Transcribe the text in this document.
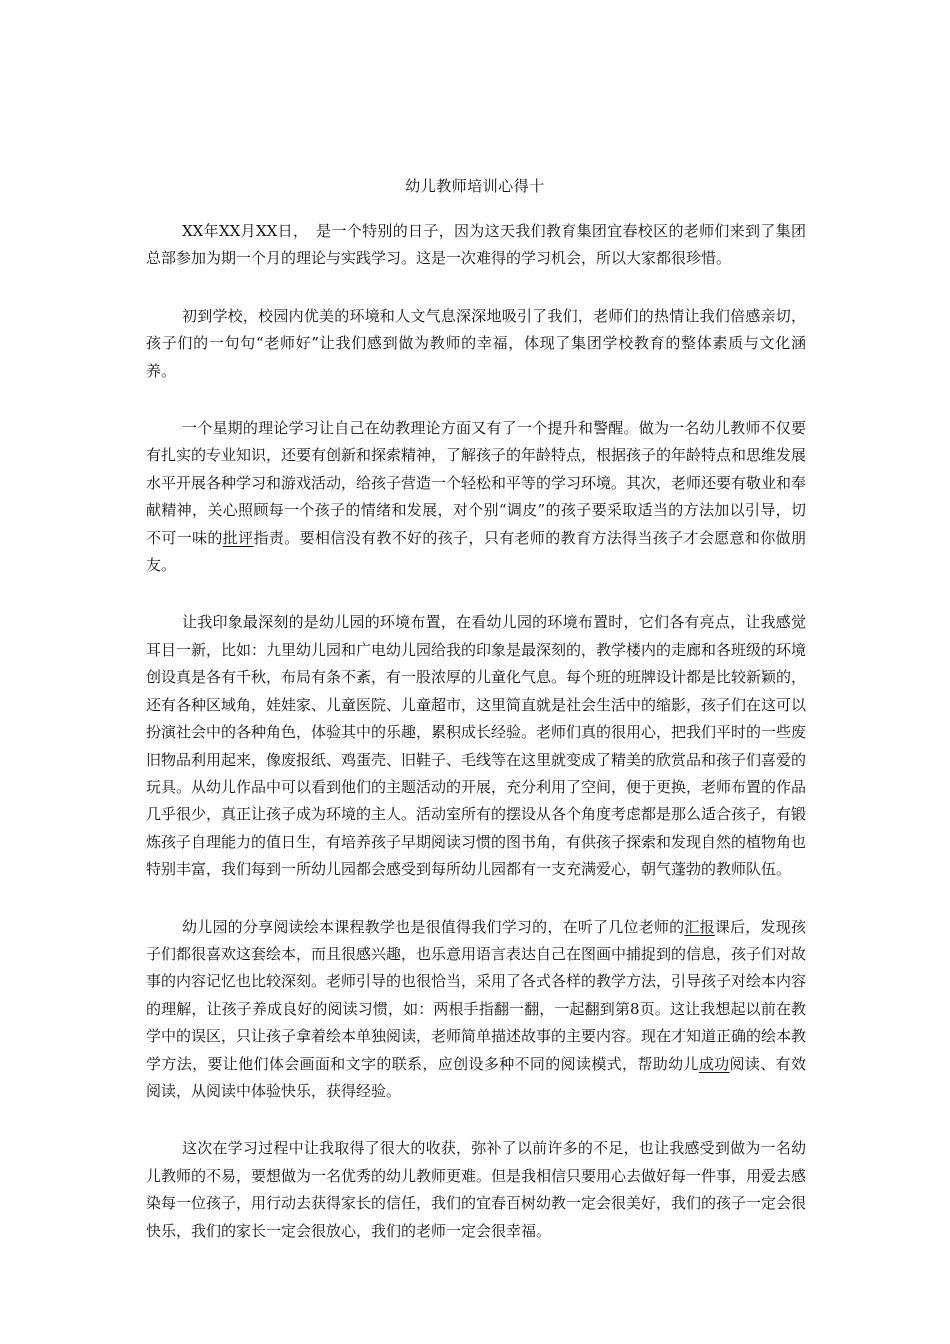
幼儿教师培训心得十

XX年XX月XX日，　是一个特别的日子，因为这天我们教育集团宜春校区的老师们来到了集团总部参加为期一个月的理论与实践学习。这是一次难得的学习机会，所以大家都很珍惜。

初到学校，校园内优美的环境和人文气息深深地吸引了我们，老师们的热情让我们倍感亲切，孩子们的一句句“老师好”让我们感到做为教师的幸福，体现了集团学校教育的整体素质与文化涵养。

一个星期的理论学习让自己在幼教理论方面又有了一个提升和警醒。做为一名幼儿教师不仅要有扎实的专业知识，还要有创新和探索精神，了解孩子的年龄特点，根据孩子的年龄特点和思维发展水平开展各种学习和游戏活动，给孩子营造一个轻松和平等的学习环境。其次，老师还要有敬业和奉献精神，关心照顾每一个孩子的情绪和发展，对个别“调皮”的孩子要采取适当的方法加以引导，切不可一味的批评指责。要相信没有教不好的孩子，只有老师的教育方法得当孩子才会愿意和你做朋友。

让我印象最深刻的是幼儿园的环境布置，在看幼儿园的环境布置时，它们各有亮点，让我感觉耳目一新，比如：九里幼儿园和广电幼儿园给我的印象是最深刻的，教学楼内的走廊和各班级的环境创设真是各有千秋，布局有条不紊，有一股浓厚的儿童化气息。每个班的班牌设计都是比较新颖的，还有各种区域角，娃娃家、儿童医院、儿童超市，这里简直就是社会生活中的缩影，孩子们在这可以扮演社会中的各种角色，体验其中的乐趣，累积成长经验。老师们真的很用心，把我们平时的一些废旧物品利用起来，像废报纸、鸡蛋壳、旧鞋子、毛线等在这里就变成了精美的欣赏品和孩子们喜爱的玩具。从幼儿作品中可以看到他们的主题活动的开展，充分利用了空间，便于更换，老师布置的作品几乎很少，真正让孩子成为环境的主人。活动室所有的摆设从各个角度考虑都是那么适合孩子，有锻炼孩子自理能力的值日生，有培养孩子早期阅读习惯的图书角，有供孩子探索和发现自然的植物角也特别丰富，我们每到一所幼儿园都会感受到每所幼儿园都有一支充满爱心，朝气蓬勃的教师队伍。

幼儿园的分享阅读绘本课程教学也是很值得我们学习的，在听了几位老师的汇报课后，发现孩子们都很喜欢这套绘本，而且很感兴趣，也乐意用语言表达自己在图画中捕捉到的信息，孩子们对故事的内容记忆也比较深刻。老师引导的也很恰当，采用了各式各样的教学方法，引导孩子对绘本内容的理解，让孩子养成良好的阅读习惯，如：两根手指翻一翻，一起翻到第8页。这让我想起以前在教学中的误区，只让孩子拿着绘本单独阅读，老师简单描述故事的主要内容。现在才知道正确的绘本教学方法，要让他们体会画面和文字的联系，应创设多种不同的阅读模式，帮助幼儿成功阅读、有效阅读，从阅读中体验快乐，获得经验。

这次在学习过程中让我取得了很大的收获，弥补了以前许多的不足，也让我感受到做为一名幼儿教师的不易，要想做为一名优秀的幼儿教师更难。但是我相信只要用心去做好每一件事，用爱去感染每一位孩子，用行动去获得家长的信任，我们的宜春百树幼教一定会很美好，我们的孩子一定会很快乐，我们的家长一定会很放心，我们的老师一定会很幸福。
